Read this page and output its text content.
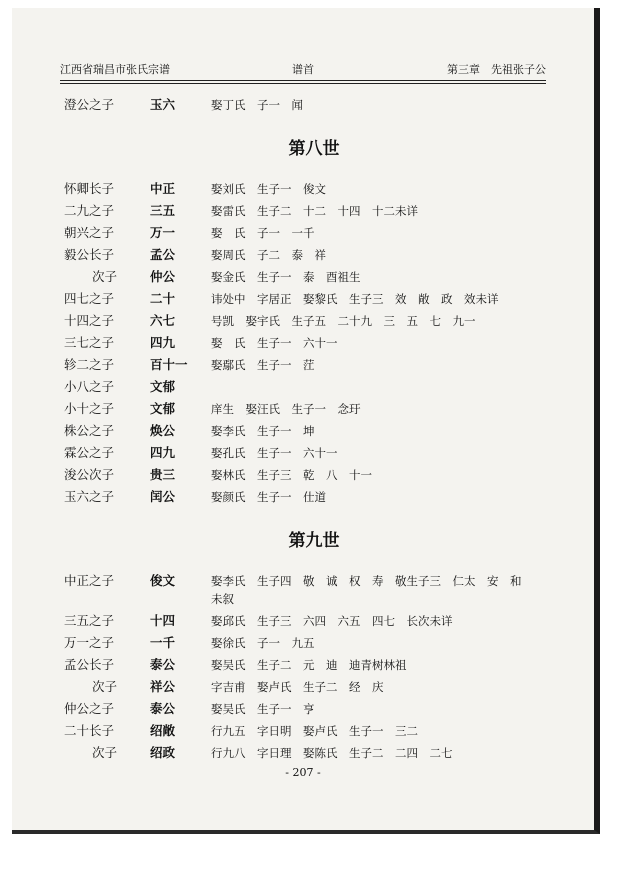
江西省瑞昌市张氏宗谱	谱首	第三章　先祖张子公
澄公之子	玉六	娶丁氏　子一　闻
第八世
怀卿长子	中正	娶刘氏　生子一　俊文
二九之子	三五	娶雷氏　生子二　十二　十四　十二未详
朝兴之子	万一	娶　氏　子一　一千
毅公长子	孟公	娶周氏　子二　泰　祥
次子	仲公	娶金氏　生子一　泰　酉祖生
四七之子	二十	讳处中　字居正　娶黎氏　生子三　效　敞　政　效未详
十四之子	六七	号凯　娶宇氏　生子五　二十九　三　五　七　九一
三七之子	四九	娶　氏　生子一　六十一
轸二之子	百十一 娶鄢氏　生子一　茳
小八之子	文郁
小十之子	文郁	庠生　娶汪氏　生子一　念玗
株公之子	焕公	娶李氏　生子一　坤
霖公之子	四九	娶孔氏　生子一　六十一
浚公次子	贵三	娶林氏　生子三　乾　八　十一
玉六之子	闰公	娶颜氏　生子一　仕道
第九世
中正之子	俊文	娶李氏　生子四　敬　诚　权　寿　敬生子三　仁太　安　和
未叙
三五之子	十四	娶邱氏　生子三　六四　六五　四七　长次未详
万一之子	一千	娶徐氏　子一　九五
孟公长子	泰公	娶吴氏　生子二　元　迪　迪青树林祖
次子	祥公	字吉甫　娶卢氏　生子二　经　庆
仲公之子	泰公	娶吴氏　生子一　亨
二十长子	绍敞	行九五　字日明　娶卢氏　生子一　三二
次子	绍政	行九八　字日理　娶陈氏　生子二　二四　二七
- 207 -
